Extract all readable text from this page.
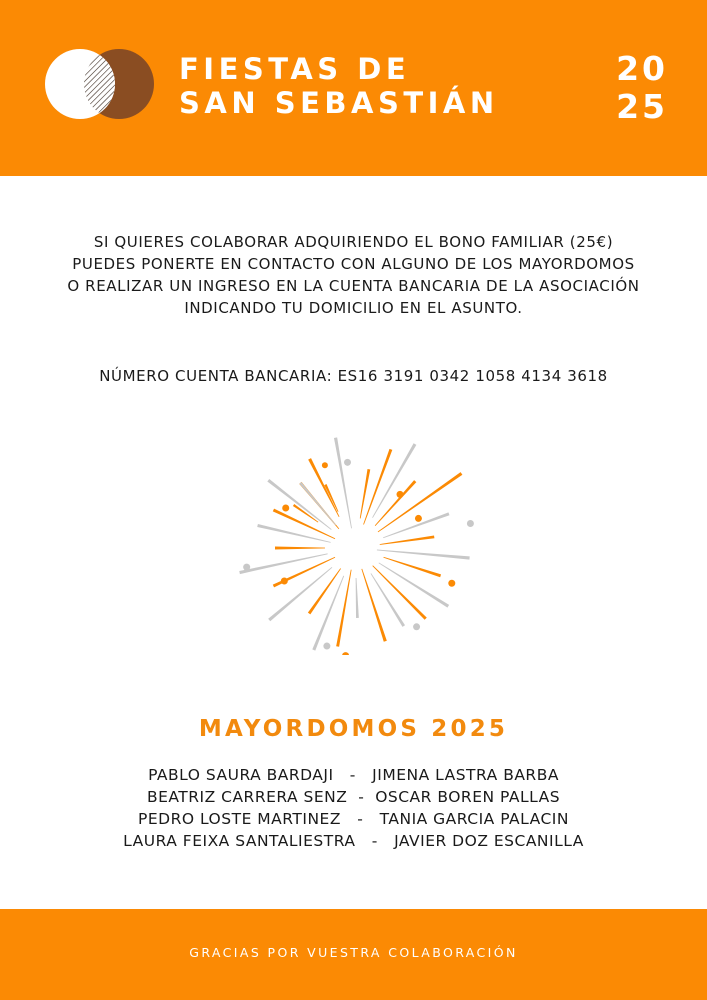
FIESTAS DE
SAN SEBASTIÁN
20
25
SI QUIERES COLABORAR ADQUIRIENDO EL BONO FAMILIAR (25€)
PUEDES PONERTE EN CONTACTO CON ALGUNO DE LOS MAYORDOMOS
O REALIZAR UN INGRESO EN LA CUENTA BANCARIA DE LA ASOCIACIÓN
INDICANDO TU DOMICILIO EN EL ASUNTO.
NÚMERO CUENTA BANCARIA: ES16 3191 0342 1058 4134 3618
MAYORDOMOS 2025
PABLO SAURA BARDAJI   -   JIMENA LASTRA BARBA
BEATRIZ CARRERA SENZ  -  OSCAR BOREN PALLAS
PEDRO LOSTE MARTINEZ   -   TANIA GARCIA PALACIN
LAURA FEIXA SANTALIESTRA   -   JAVIER DOZ ESCANILLA
GRACIAS POR VUESTRA COLABORACIÓN
